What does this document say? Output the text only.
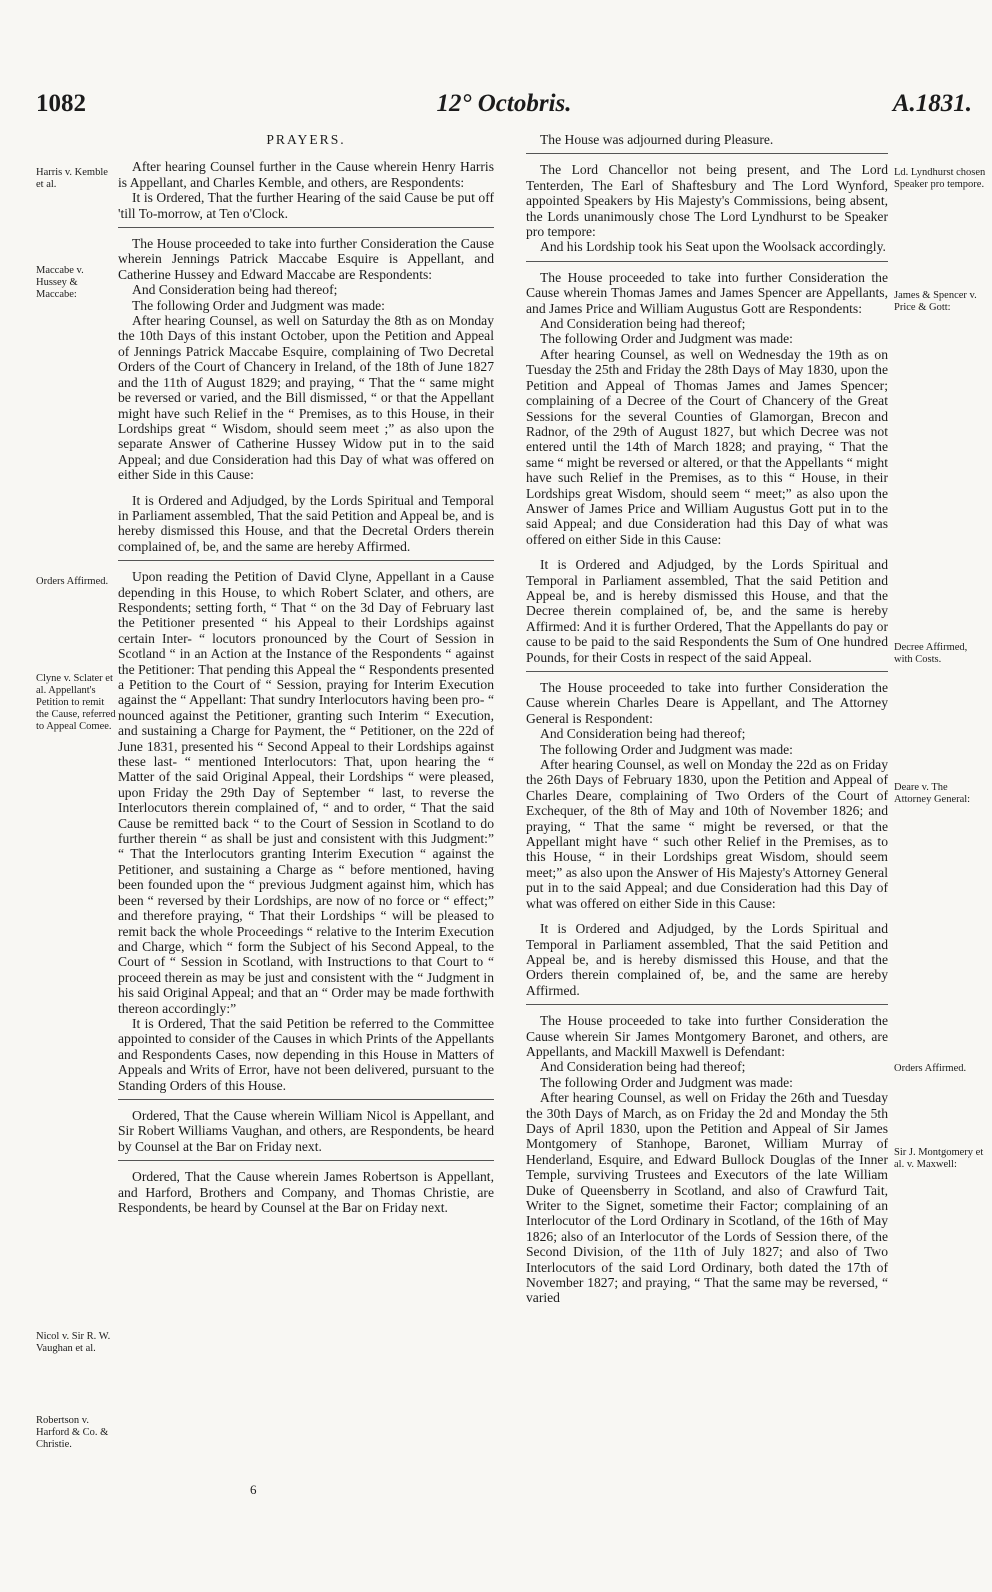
1082	12° Octobris.	A.1831.
Harris v. Kemble et al.
Maccabe v. Hussey & Maccabe:
Orders Affirmed.
Clyne v. Sclater et al. Appellant's Petition to remit the Cause, referred to Appeal Comee.
Nicol v. Sir R. W. Vaughan et al.
Robertson v. Harford & Co. & Christie.
Ld. Lyndhurst chosen Speaker pro tempore.
James & Spencer v. Price & Gott:
Decree Affirmed, with Costs.
Deare v. The Attorney General:
Orders Affirmed.
Sir J. Montgomery et al. v. Maxwell:

PRAYERS.

After hearing Counsel further in the Cause wherein Henry Harris is Appellant, and Charles Kemble, and others, are Respondents:

It is Ordered, That the further Hearing of the said Cause be put off 'till To-morrow, at Ten o'Clock.

The House proceeded to take into further Consideration the Cause wherein Jennings Patrick Maccabe Esquire is Appellant, and Catherine Hussey and Edward Maccabe are Respondents:

And Consideration being had thereof;

The following Order and Judgment was made:

After hearing Counsel, as well on Saturday the 8th as on Monday the 10th Days of this instant October, upon the Petition and Appeal of Jennings Patrick Maccabe Esquire, complaining of Two Decretal Orders of the Court of Chancery in Ireland, of the 18th of June 1827 and the 11th of August 1829; and praying, “ That the “ same might be reversed or varied, and the Bill dismissed, “ or that the Appellant might have such Relief in the “ Premises, as to this House, in their Lordships great “ Wisdom, should seem meet ;” as also upon the separate Answer of Catherine Hussey Widow put in to the said Appeal; and due Consideration had this Day of what was offered on either Side in this Cause:

It is Ordered and Adjudged, by the Lords Spiritual and Temporal in Parliament assembled, That the said Petition and Appeal be, and is hereby dismissed this House, and that the Decretal Orders therein complained of, be, and the same are hereby Affirmed.

Upon reading the Petition of David Clyne, Appellant in a Cause depending in this House, to which Robert Sclater, and others, are Respondents; setting forth, “ That “ on the 3d Day of February last the Petitioner presented “ his Appeal to their Lordships against certain Inter- “ locutors pronounced by the Court of Session in Scotland “ in an Action at the Instance of the Respondents “ against the Petitioner: That pending this Appeal the “ Respondents presented a Petition to the Court of “ Session, praying for Interim Execution against the “ Appellant: That sundry Interlocutors having been pro- “ nounced against the Petitioner, granting such Interim “ Execution, and sustaining a Charge for Payment, the “ Petitioner, on the 22d of June 1831, presented his “ Second Appeal to their Lordships against these last- “ mentioned Interlocutors: That, upon hearing the “ Matter of the said Original Appeal, their Lordships “ were pleased, upon Friday the 29th Day of September “ last, to reverse the Interlocutors therein complained of, “ and to order, “ That the said Cause be remitted back “ to the Court of Session in Scotland to do further therein “ as shall be just and consistent with this Judgment:” “ That the Interlocutors granting Interim Execution “ against the Petitioner, and sustaining a Charge as “ before mentioned, having been founded upon the “ previous Judgment against him, which has been “ reversed by their Lordships, are now of no force or “ effect;” and therefore praying, “ That their Lordships “ will be pleased to remit back the whole Proceedings “ relative to the Interim Execution and Charge, which “ form the Subject of his Second Appeal, to the Court of “ Session in Scotland, with Instructions to that Court to “ proceed therein as may be just and consistent with the “ Judgment in his said Original Appeal; and that an “ Order may be made forthwith thereon accordingly:”

It is Ordered, That the said Petition be referred to the Committee appointed to consider of the Causes in which Prints of the Appellants and Respondents Cases, now depending in this House in Matters of Appeals and Writs of Error, have not been delivered, pursuant to the Standing Orders of this House.

Ordered, That the Cause wherein William Nicol is Appellant, and Sir Robert Williams Vaughan, and others, are Respondents, be heard by Counsel at the Bar on Friday next.

Ordered, That the Cause wherein James Robertson is Appellant, and Harford, Brothers and Company, and Thomas Christie, are Respondents, be heard by Counsel at the Bar on Friday next.

The House was adjourned during Pleasure.

The Lord Chancellor not being present, and The Lord Tenterden, The Earl of Shaftesbury and The Lord Wynford, appointed Speakers by His Majesty's Commissions, being absent, the Lords unanimously chose The Lord Lyndhurst to be Speaker pro tempore:

And his Lordship took his Seat upon the Woolsack accordingly.

The House proceeded to take into further Consideration the Cause wherein Thomas James and James Spencer are Appellants, and James Price and William Augustus Gott are Respondents:

And Consideration being had thereof;

The following Order and Judgment was made:

After hearing Counsel, as well on Wednesday the 19th as on Tuesday the 25th and Friday the 28th Days of May 1830, upon the Petition and Appeal of Thomas James and James Spencer; complaining of a Decree of the Court of Chancery of the Great Sessions for the several Counties of Glamorgan, Brecon and Radnor, of the 29th of August 1827, but which Decree was not entered until the 14th of March 1828; and praying, “ That the same “ might be reversed or altered, or that the Appellants “ might have such Relief in the Premises, as to this “ House, in their Lordships great Wisdom, should seem “ meet;” as also upon the Answer of James Price and William Augustus Gott put in to the said Appeal; and due Consideration had this Day of what was offered on either Side in this Cause:

It is Ordered and Adjudged, by the Lords Spiritual and Temporal in Parliament assembled, That the said Petition and Appeal be, and is hereby dismissed this House, and that the Decree therein complained of, be, and the same is hereby Affirmed: And it is further Ordered, That the Appellants do pay or cause to be paid to the said Respondents the Sum of One hundred Pounds, for their Costs in respect of the said Appeal.

The House proceeded to take into further Consideration the Cause wherein Charles Deare is Appellant, and The Attorney General is Respondent:

And Consideration being had thereof;

The following Order and Judgment was made:

After hearing Counsel, as well on Monday the 22d as on Friday the 26th Days of February 1830, upon the Petition and Appeal of Charles Deare, complaining of Two Orders of the Court of Exchequer, of the 8th of May and 10th of November 1826; and praying, “ That the same “ might be reversed, or that the Appellant might have “ such other Relief in the Premises, as to this House, “ in their Lordships great Wisdom, should seem meet;” as also upon the Answer of His Majesty's Attorney General put in to the said Appeal; and due Consideration had this Day of what was offered on either Side in this Cause:

It is Ordered and Adjudged, by the Lords Spiritual and Temporal in Parliament assembled, That the said Petition and Appeal be, and is hereby dismissed this House, and that the Orders therein complained of, be, and the same are hereby Affirmed.

The House proceeded to take into further Consideration the Cause wherein Sir James Montgomery Baronet, and others, are Appellants, and Mackill Maxwell is Defendant:

And Consideration being had thereof;

The following Order and Judgment was made:

After hearing Counsel, as well on Friday the 26th and Tuesday the 30th Days of March, as on Friday the 2d and Monday the 5th Days of April 1830, upon the Petition and Appeal of Sir James Montgomery of Stanhope, Baronet, William Murray of Henderland, Esquire, and Edward Bullock Douglas of the Inner Temple, surviving Trustees and Executors of the late William Duke of Queensberry in Scotland, and also of Crawfurd Tait, Writer to the Signet, sometime their Factor; complaining of an Interlocutor of the Lord Ordinary in Scotland, of the 16th of May 1826; also of an Interlocutor of the Lords of Session there, of the Second Division, of the 11th of July 1827; and also of Two Interlocutors of the said Lord Ordinary, both dated the 17th of November 1827; and praying, “ That the same may be reversed, “ varied

6
